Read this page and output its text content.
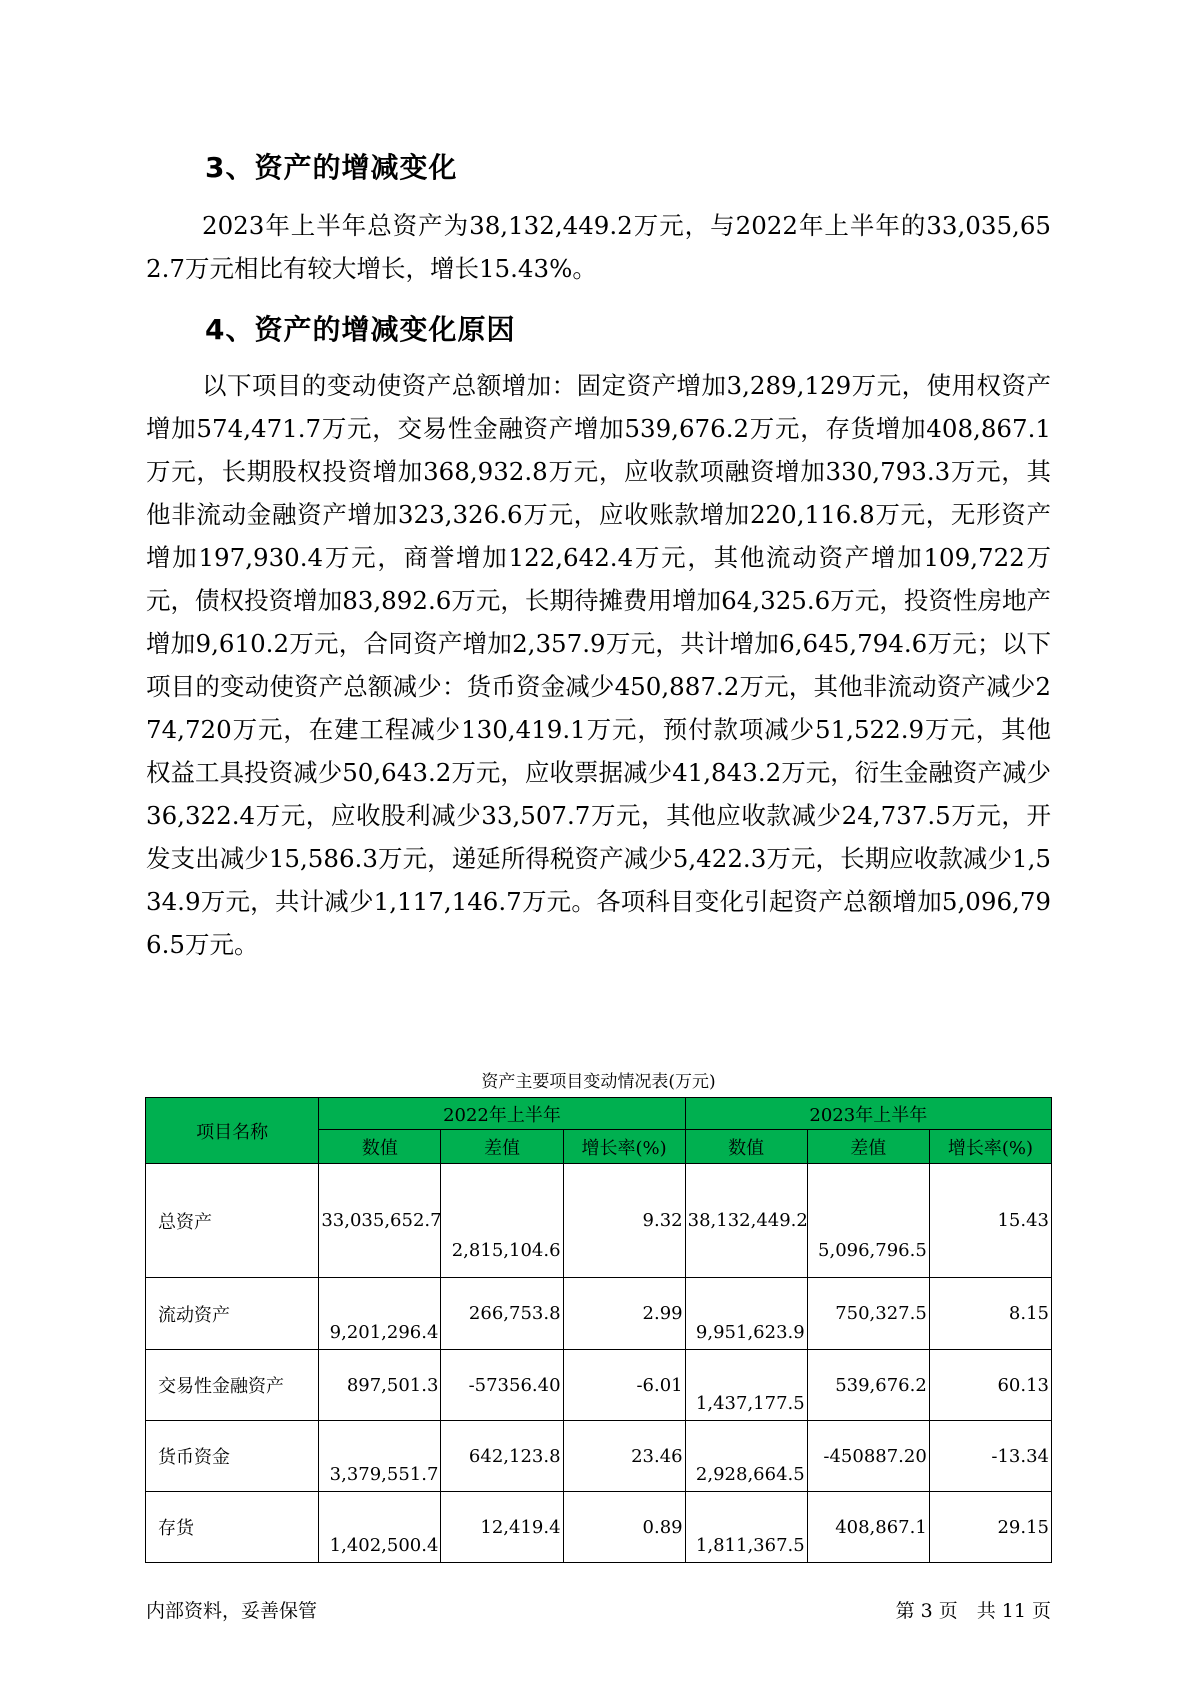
3、资产的增减变化

2023年上半年总资产为38,132,449.2万元，与2022年上半年的33,035,652.7万元相比有较大增长，增长15.43%。

4、资产的增减变化原因

以下项目的变动使资产总额增加：固定资产增加3,289,129万元，使用权资产增加574,471.7万元，交易性金融资产增加539,676.2万元，存货增加408,867.1万元，长期股权投资增加368,932.8万元，应收款项融资增加330,793.3万元，其他非流动金融资产增加323,326.6万元，应收账款增加220,116.8万元，无形资产增加197,930.4万元，商誉增加122,642.4万元，其他流动资产增加109,722万元，债权投资增加83,892.6万元，长期待摊费用增加64,325.6万元，投资性房地产增加9,610.2万元，合同资产增加2,357.9万元，共计增加6,645,794.6万元；以下项目的变动使资产总额减少：货币资金减少450,887.2万元，其他非流动资产减少274,720万元，在建工程减少130,419.1万元，预付款项减少51,522.9万元，其他权益工具投资减少50,643.2万元，应收票据减少41,843.2万元，衍生金融资产减少36,322.4万元，应收股利减少33,507.7万元，其他应收款减少24,737.5万元，开发支出减少15,586.3万元，递延所得税资产减少5,422.3万元，长期应收款减少1,534.9万元，共计减少1,117,146.7万元。各项科目变化引起资产总额增加5,096,796.5万元。

资产主要项目变动情况表(万元)
项目名称	2022年上半年			2023年上半年		
	数值	差值	增长率(%)	数值	差值	增长率(%)
总资产	33,035,652.7	2,815,104.6	9.32	38,132,449.2	5,096,796.5	15.43
流动资产	9,201,296.4	266,753.8	2.99	9,951,623.9	750,327.5	8.15
交易性金融资产	897,501.3	-57356.40	-6.01	1,437,177.5	539,676.2	60.13
货币资金	3,379,551.7	642,123.8	23.46	2,928,664.5	-450887.20	-13.34
存货	1,402,500.4	12,419.4	0.89	1,811,367.5	408,867.1	29.15
内部资料，妥善保管	第 3 页　共 11 页
